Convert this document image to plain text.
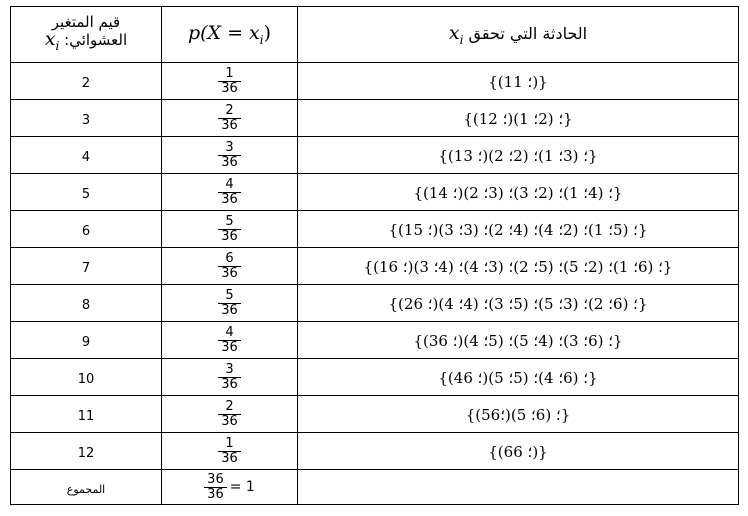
قيم المتغير
العشوائي: $x_i$	$p(X = x_i)$	الحادثة التي تحقق $x_i$

2	$\frac{1}{36}$	{(1؛ 1)}
3	$\frac{2}{36}$	{(1؛ 2)؛ (2؛ 1)}
4	$\frac{3}{36}$	{(1؛ 3)؛ (3؛ 1)؛ (2؛ 2)}
5	$\frac{4}{36}$	{(1؛ 4)؛ (4؛ 1)؛ (2؛ 3)؛ (3؛ 2)}
6	$\frac{5}{36}$	{(1؛ 5)؛ (5؛ 1)؛ (2؛ 4)؛ (4؛ 2)؛ (3؛ 3)}
7	$\frac{6}{36}$	{(1؛ 6)؛ (6؛ 1)؛ (2؛ 5)؛ (5؛ 2)؛ (3؛ 4)؛ (4؛ 3)}
8	$\frac{5}{36}$	{(2؛ 6)؛ (6؛ 2)؛ (3؛ 5)؛ (5؛ 3)؛ (4؛ 4)}
9	$\frac{4}{36}$	{(3؛ 6)؛ (6؛ 3)؛ (4؛ 5)؛ (5؛ 4)}
10	$\frac{3}{36}$	{(4؛ 6)؛ (6؛ 4)؛ (5؛ 5)}
11	$\frac{2}{36}$	{(5؛6)؛ (6؛ 5)}
12	$\frac{1}{36}$	{(6؛ 6)}
المجموع	$\frac{36}{36} = 1$	
